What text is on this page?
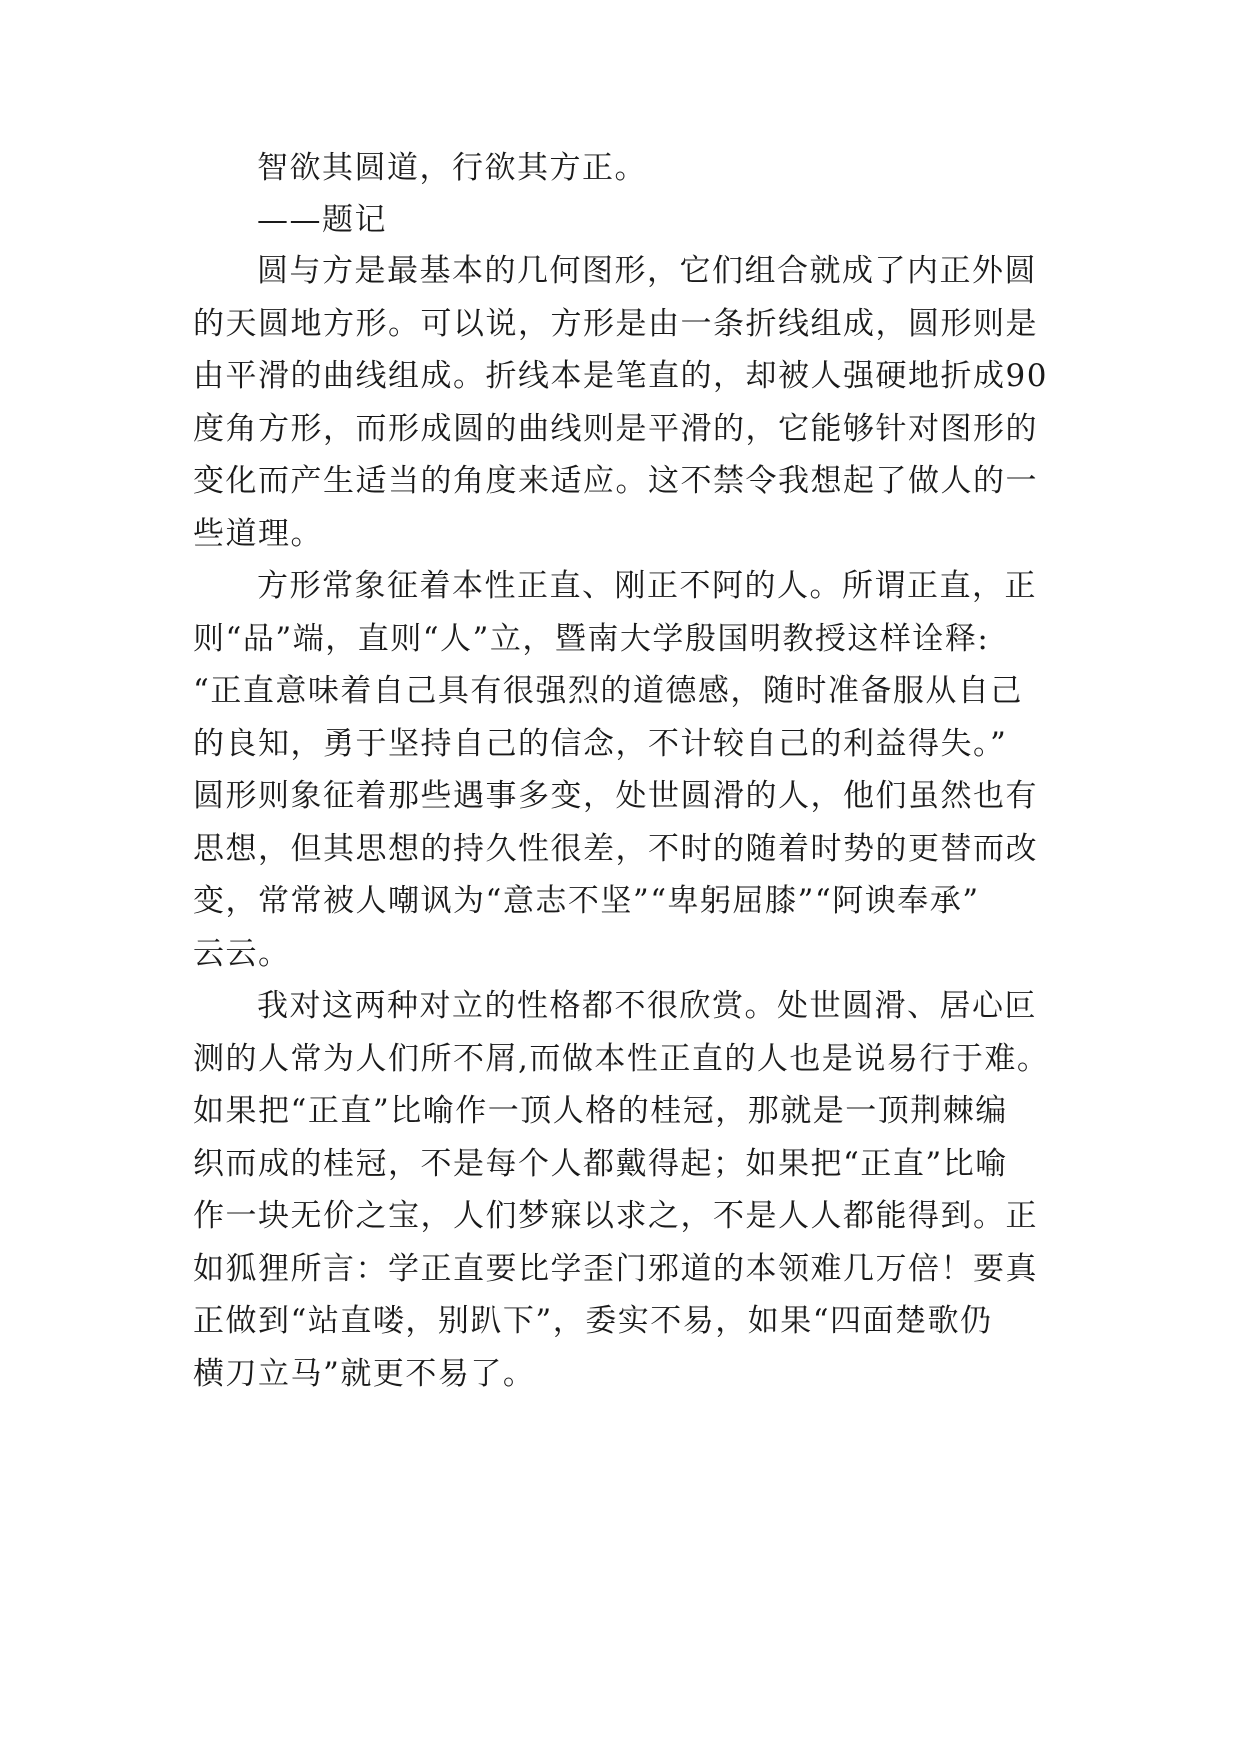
智欲其圆道，行欲其方正。
——题记
圆与方是最基本的几何图形，它们组合就成了内正外圆
的天圆地方形。可以说，方形是由一条折线组成，圆形则是
由平滑的曲线组成。折线本是笔直的，却被人强硬地折成90
度角方形，而形成圆的曲线则是平滑的，它能够针对图形的
变化而产生适当的角度来适应。这不禁令我想起了做人的一
些道理。
方形常象征着本性正直、刚正不阿的人。所谓正直，正
则“品”端，直则“人”立，暨南大学殷国明教授这样诠释:
“正直意味着自己具有很强烈的道德感，随时准备服从自己
的良知，勇于坚持自己的信念，不计较自己的利益得失。”
圆形则象征着那些遇事多变，处世圆滑的人，他们虽然也有
思想，但其思想的持久性很差，不时的随着时势的更替而改
变，常常被人嘲讽为“意志不坚”“卑躬屈膝”“阿谀奉承”
云云。
我对这两种对立的性格都不很欣赏。处世圆滑、居心叵
测的人常为人们所不屑,而做本性正直的人也是说易行于难。
如果把“正直”比喻作一顶人格的桂冠，那就是一顶荆棘编
织而成的桂冠，不是每个人都戴得起；如果把“正直”比喻
作一块无价之宝，人们梦寐以求之，不是人人都能得到。正
如狐狸所言：学正直要比学歪门邪道的本领难几万倍！要真
正做到“站直喽，别趴下”，委实不易，如果“四面楚歌仍
横刀立马”就更不易了。
